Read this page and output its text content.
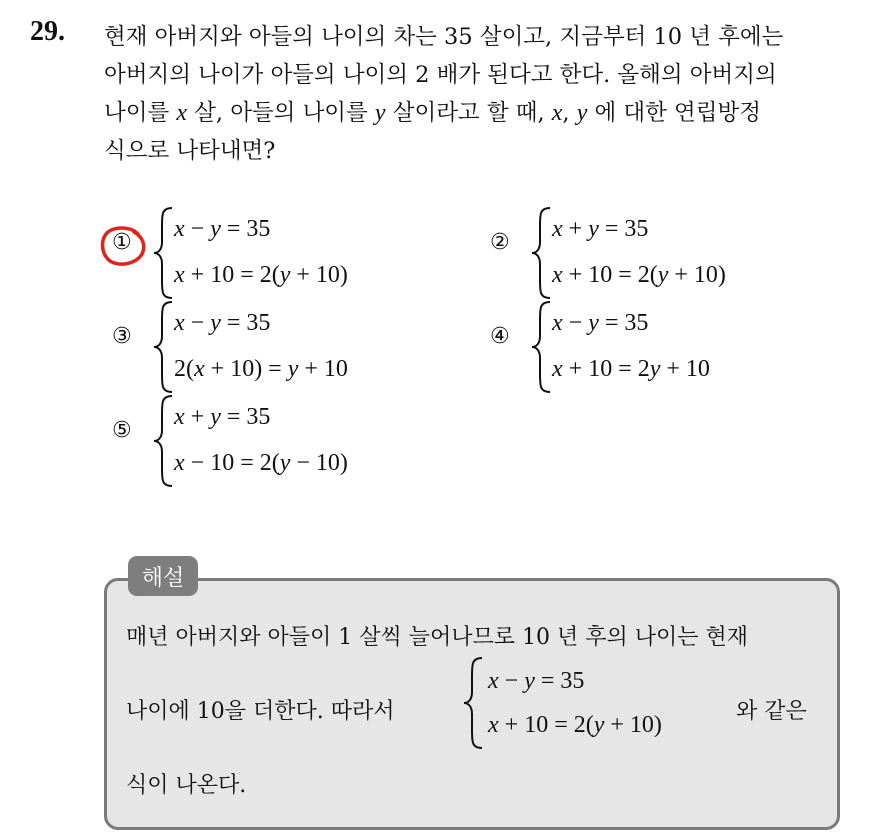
29. 현재 아버지와 아들의 나이의 차는 35 살이고, 지금부터 10 년 후에는
아버지의 나이가 아들의 나이의 2 배가 된다고 한다. 올해의 아버지의
나이를 x 살, 아들의 나이를 y 살이라고 할 때, x, y 에 대한 연립방정
식으로 나타내면?
①
x − y = 35
x + 10 = 2(y + 10)
②
x + y = 35
x + 10 = 2(y + 10)
③
x − y = 35
2(x + 10) = y + 10
④
x − y = 35
x + 10 = 2y + 10
⑤
x + y = 35
x − 10 = 2(y − 10)
해설
매년 아버지와 아들이 1 살씩 늘어나므로 10 년 후의 나이는 현재
나이에 10을 더한다. 따라서
x − y = 35
x + 10 = 2(y + 10)
와 같은
식이 나온다.
